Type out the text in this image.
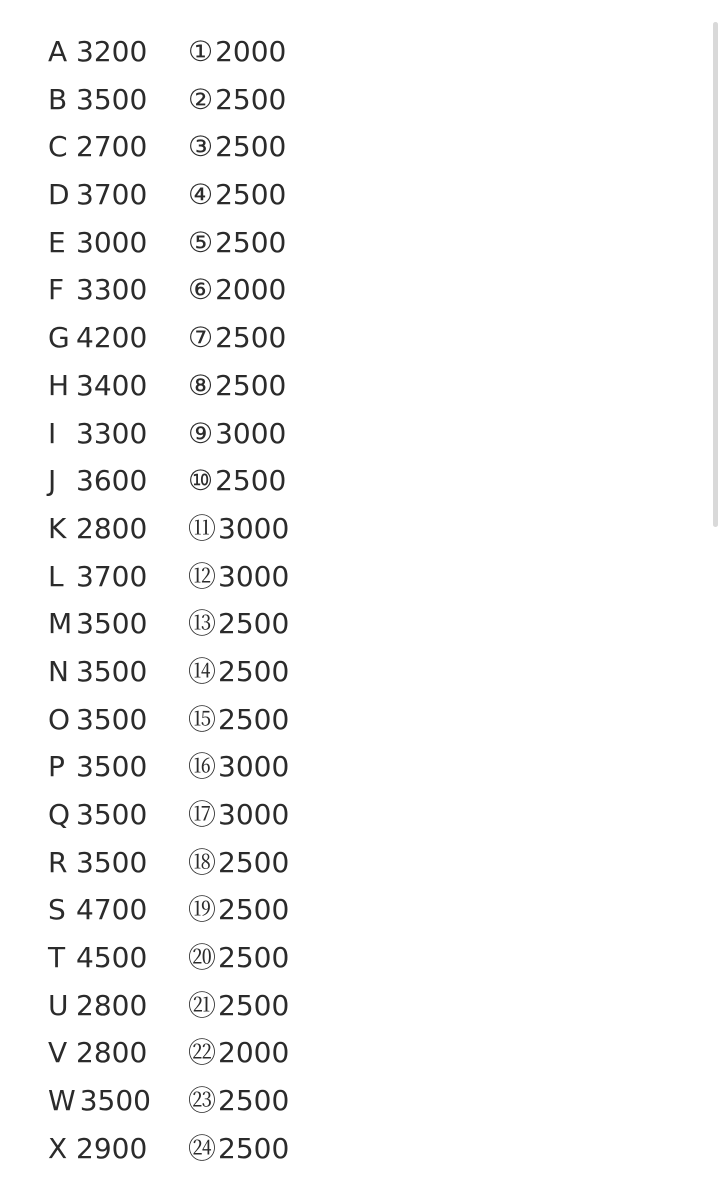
A 3200 ① 2000
B 3500 ② 2500
C 2700 ③ 2500
D 3700 ④ 2500
E 3000 ⑤ 2500
F 3300 ⑥ 2000
G 4200 ⑦ 2500
H 3400 ⑧ 2500
I 3300 ⑨ 3000
J 3600 ⑩ 2500
K 2800 ⑪ 3000
L 3700 ⑫ 3000
M 3500 ⑬ 2500
N 3500 ⑭ 2500
O 3500 ⑮ 2500
P 3500 ⑯ 3000
Q 3500 ⑰ 3000
R 3500 ⑱ 2500
S 4700 ⑲ 2500
T 4500 ⑳ 2500
U 2800 ㉑ 2500
V 2800 ㉒ 2000
W 3500 ㉓ 2500
X 2900 ㉔ 2500
